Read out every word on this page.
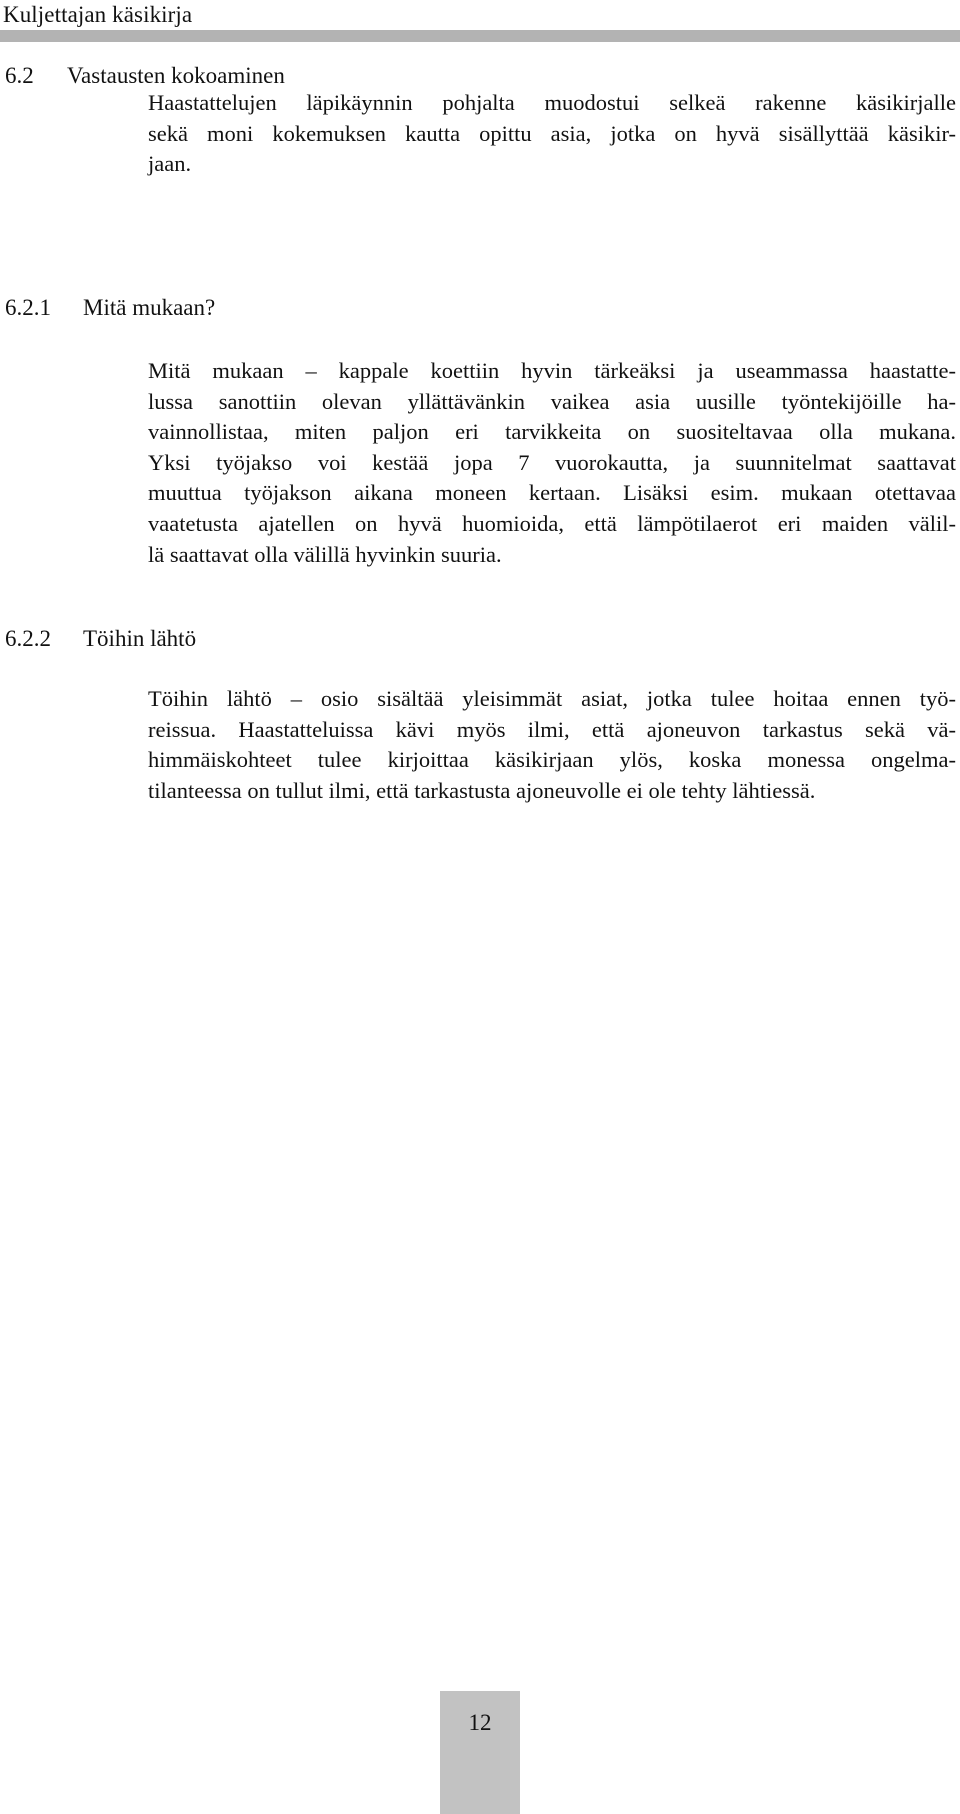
Kuljettajan käsikirja
6.2 Vastausten kokoaminen

Haastattelujen läpikäynnin pohjalta muodostui selkeä rakenne käsikirjalle
sekä moni kokemuksen kautta opittu asia, jotka on hyvä sisällyttää käsikir-
jaan.

6.2.1 Mitä mukaan?

Mitä mukaan – kappale koettiin hyvin tärkeäksi ja useammassa haastatte-
lussa sanottiin olevan yllättävänkin vaikea asia uusille työntekijöille ha-
vainnollistaa, miten paljon eri tarvikkeita on suositeltavaa olla mukana.
Yksi työjakso voi kestää jopa 7 vuorokautta, ja suunnitelmat saattavat
muuttua työjakson aikana moneen kertaan. Lisäksi esim. mukaan otettavaa
vaatetusta ajatellen on hyvä huomioida, että lämpötilaerot eri maiden välil-
lä saattavat olla välillä hyvinkin suuria.

6.2.2 Töihin lähtö

Töihin lähtö – osio sisältää yleisimmät asiat, jotka tulee hoitaa ennen työ-
reissua. Haastatteluissa kävi myös ilmi, että ajoneuvon tarkastus sekä vä-
himmäiskohteet tulee kirjoittaa käsikirjaan ylös, koska monessa ongelma-
tilanteessa on tullut ilmi, että tarkastusta ajoneuvolle ei ole tehty lähtiessä.

12
